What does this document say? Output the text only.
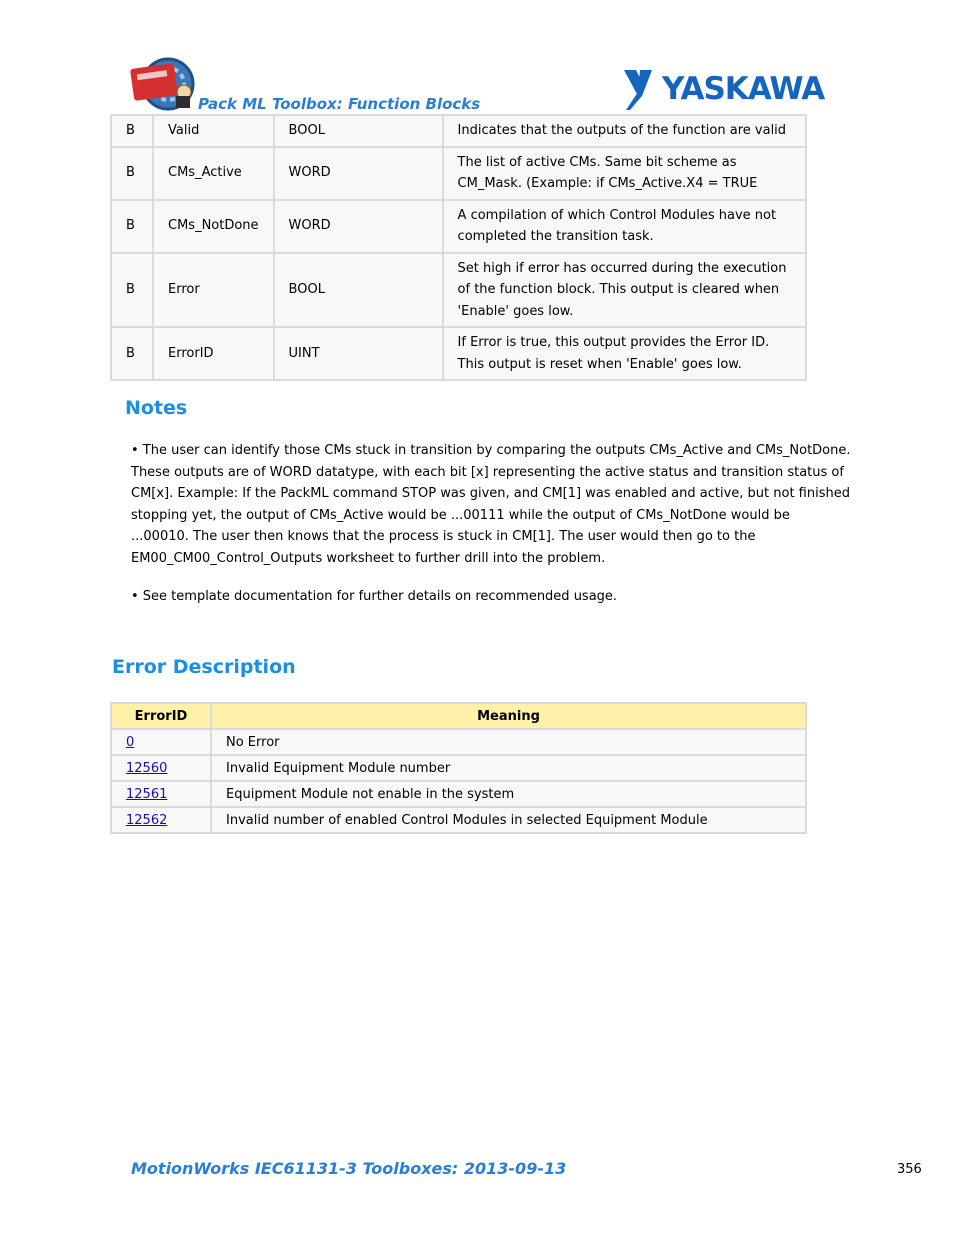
Pack ML Toolbox: Function Blocks	YASKAWA
B	Valid	BOOL	Indicates that the outputs of the function are valid
B	CMs_Active	WORD	The list of active CMs. Same bit scheme as CM_Mask. (Example: if CMs_Active.X4 = TRUE
B	CMs_NotDone	WORD	A compilation of which Control Modules have not completed the transition task.
B	Error	BOOL	Set high if error has occurred during the execution of the function block. This output is cleared when 'Enable' goes low.
B	ErrorID	UINT	If Error is true, this output provides the Error ID. This output is reset when 'Enable' goes low.
Notes
• The user can identify those CMs stuck in transition by comparing the outputs CMs_Active and CMs_NotDone. These outputs are of WORD datatype, with each bit [x] representing the active status and transition status of CM[x]. Example: If the PackML command STOP was given, and CM[1] was enabled and active, but not finished stopping yet, the output of CMs_Active would be ...00111 while the output of CMs_NotDone would be ...00010. The user then knows that the process is stuck in CM[1]. The user would then go to the EM00_CM00_Control_Outputs worksheet to further drill into the problem.
• See template documentation for further details on recommended usage.
Error Description
ErrorID	Meaning
0	No Error
12560	Invalid Equipment Module number
12561	Equipment Module not enable in the system
12562	Invalid number of enabled Control Modules in selected Equipment Module
MotionWorks IEC61131-3 Toolboxes: 2013-09-13	356
